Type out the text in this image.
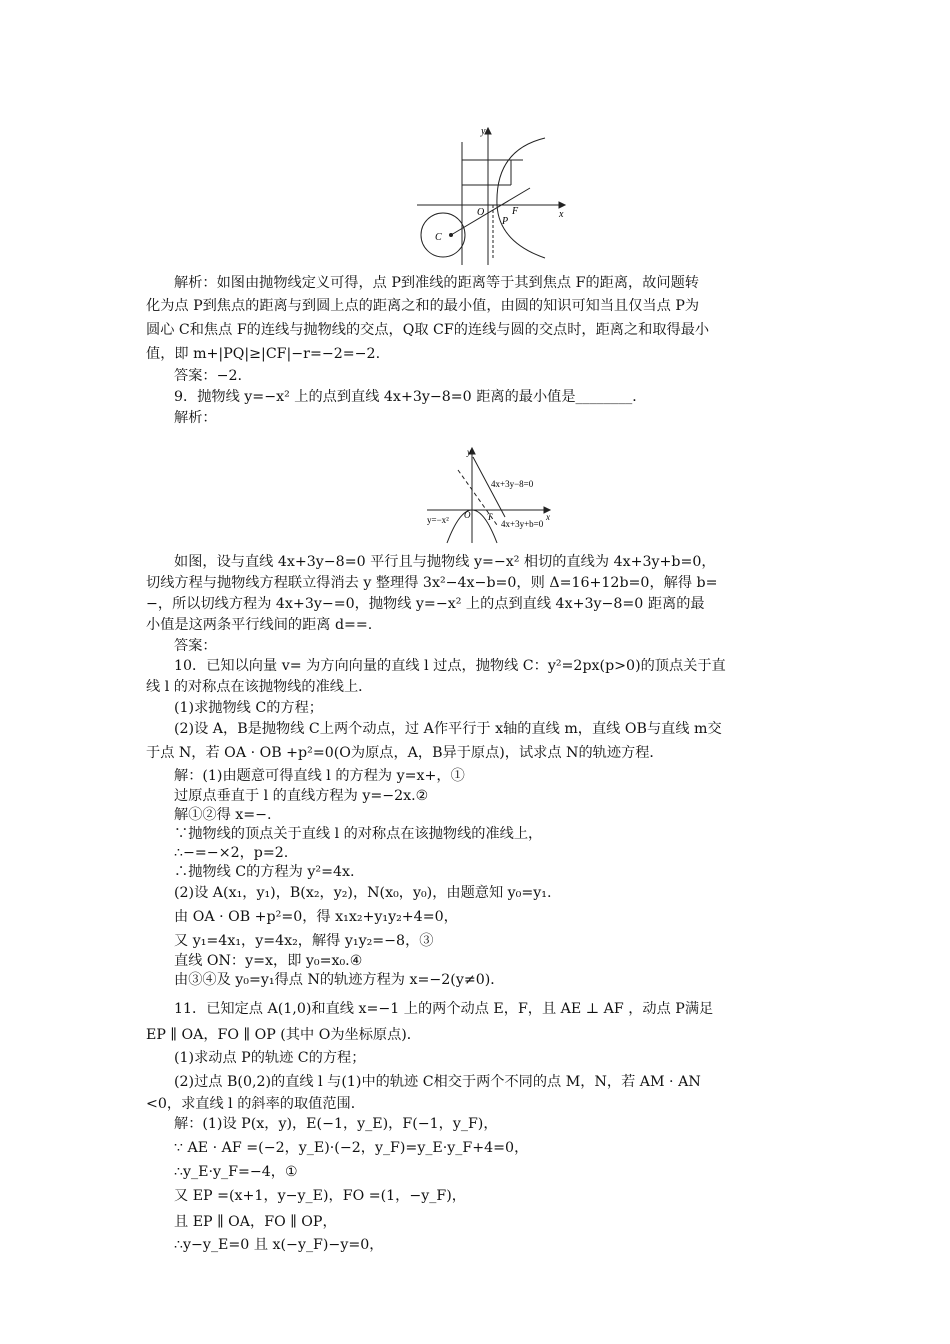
y
x
O	F
P
C
解析：如图由抛物线定义可得，点 P到准线的距离等于其到焦点 F的距离，故问题转
化为点 P到焦点的距离与到圆上点的距离之和的最小值，由圆的知识可知当且仅当点 P为
圆心 C和焦点 F的连线与抛物线的交点，Q取 CF的连线与圆的交点时，距离之和取得最小
值，即 m+|PQ|≥|CF|−r=−2=−2.
答案：−2.
9．抛物线 y=−x² 上的点到直线 4x+3y−8=0 距离的最小值是________．
解析：
y
x
O T
4x+3y−8=0
4x+3y+b=0
y=−x²
如图，设与直线 4x+3y−8=0 平行且与抛物线 y=−x² 相切的直线为 4x+3y+b=0，
切线方程与抛物线方程联立得消去 y 整理得 3x²−4x−b=0，则 Δ=16+12b=0，解得 b=
−，所以切线方程为 4x+3y−=0，抛物线 y=−x² 上的点到直线 4x+3y−8=0 距离的最
小值是这两条平行线间的距离 d==.
答案：
10．已知以向量 v= 为方向向量的直线 l 过点，抛物线 C：y²=2px(p>0)的顶点关于直
线 l 的对称点在该抛物线的准线上．
(1)求抛物线 C的方程；
(2)设 A，B是抛物线 C上两个动点，过 A作平行于 x轴的直线 m，直线 OB与直线 m交
于点 N，若 OA · OB +p²=0(O为原点，A，B异于原点)，试求点 N的轨迹方程．
解：(1)由题意可得直线 l 的方程为 y=x+，①
过原点垂直于 l 的直线方程为 y=−2x.②
解①②得 x=−.
∵抛物线的顶点关于直线 l 的对称点在该抛物线的准线上，
∴−=−×2，p=2.
∴抛物线 C的方程为 y²=4x.
(2)设 A(x₁，y₁)，B(x₂，y₂)，N(x₀，y₀)，由题意知 y₀=y₁.
由 OA · OB +p²=0，得 x₁x₂+y₁y₂+4=0，
又 y₁=4x₁，y=4x₂，解得 y₁y₂=−8，③
直线 ON：y=x，即 y₀=x₀.④
由③④及 y₀=y₁得点 N的轨迹方程为 x=−2(y≠0)．
11．已知定点 A(1,0)和直线 x=−1 上的两个动点 E，F，且 AE ⊥ AF ，动点 P满足
EP ∥ OA，FO ∥ OP (其中 O为坐标原点)．
(1)求动点 P的轨迹 C的方程；
(2)过点 B(0,2)的直线 l 与(1)中的轨迹 C相交于两个不同的点 M，N，若 AM · AN
<0，求直线 l 的斜率的取值范围．
解：(1)设 P(x，y)，E(−1，y_E)，F(−1，y_F)，
∵ AE · AF =(−2，y_E)·(−2，y_F)=y_E·y_F+4=0，
∴y_E·y_F=−4，①
又 EP =(x+1，y−y_E)，FO =(1，−y_F)，
且 EP ∥ OA，FO ∥ OP，
∴y−y_E=0 且 x(−y_F)−y=0，
